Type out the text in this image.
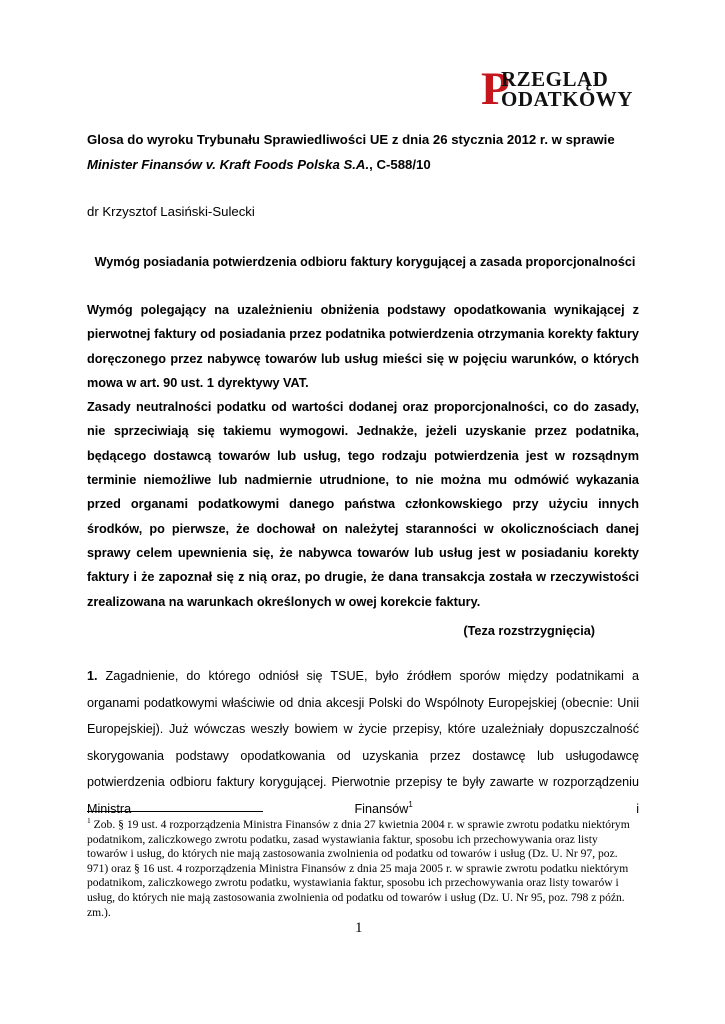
P
RZEGLĄD
ODATKOWY
Glosa do wyroku Trybunału Sprawiedliwości UE z dnia 26 stycznia 2012 r. w sprawie Minister Finansów v. Kraft Foods Polska S.A., C-588/10
dr Krzysztof Lasiński-Sulecki
Wymóg posiadania potwierdzenia odbioru faktury korygującej a zasada proporcjonalności

Wymóg polegający na uzależnieniu obniżenia podstawy opodatkowania wynikającej z pierwotnej faktury od posiadania przez podatnika potwierdzenia otrzymania korekty faktury doręczonego przez nabywcę towarów lub usług mieści się w pojęciu warunków, o których mowa w art. 90 ust. 1 dyrektywy VAT.

Zasady neutralności podatku od wartości dodanej oraz proporcjonalności, co do zasady, nie sprzeciwiają się takiemu wymogowi. Jednakże, jeżeli uzyskanie przez podatnika, będącego dostawcą towarów lub usług, tego rodzaju potwierdzenia jest w rozsądnym terminie niemożliwe lub nadmiernie utrudnione, to nie można mu odmówić wykazania przed organami podatkowymi danego państwa członkowskiego przy użyciu innych środków, po pierwsze, że dochował on należytej staranności w okolicznościach danej sprawy celem upewnienia się, że nabywca towarów lub usług jest w posiadaniu korekty faktury i że zapoznał się z nią oraz, po drugie, że dana transakcja została w rzeczywistości zrealizowana na warunkach określonych w owej korekcie faktury.

(Teza rozstrzygnięcia)
1. Zagadnienie, do którego odniósł się TSUE, było źródłem sporów między podatnikami a organami podatkowymi właściwie od dnia akcesji Polski do Wspólnoty Europejskiej (obecnie: Unii Europejskiej). Już wówczas weszły bowiem w życie przepisy, które uzależniały dopuszczalność skorygowania podstawy opodatkowania od uzyskania przez dostawcę lub usługodawcę potwierdzenia odbioru faktury korygującej. Pierwotnie przepisy te były zawarte w rozporządzeniu Ministra Finansów$^1$ i
$^1$ Zob. § 19 ust. 4 rozporządzenia Ministra Finansów z dnia 27 kwietnia 2004 r. w sprawie zwrotu podatku niektórym podatnikom, zaliczkowego zwrotu podatku, zasad wystawiania faktur, sposobu ich przechowywania oraz listy towarów i usług, do których nie mają zastosowania zwolnienia od podatku od towarów i usług (Dz. U. Nr 97, poz. 971) oraz § 16 ust. 4 rozporządzenia Ministra Finansów z dnia 25 maja 2005 r. w sprawie zwrotu podatku niektórym podatnikom, zaliczkowego zwrotu podatku, wystawiania faktur, sposobu ich przechowywania oraz listy towarów i usług, do których nie mają zastosowania zwolnienia od podatku od towarów i usług (Dz. U. Nr 95, poz. 798 z późn. zm.).
1
